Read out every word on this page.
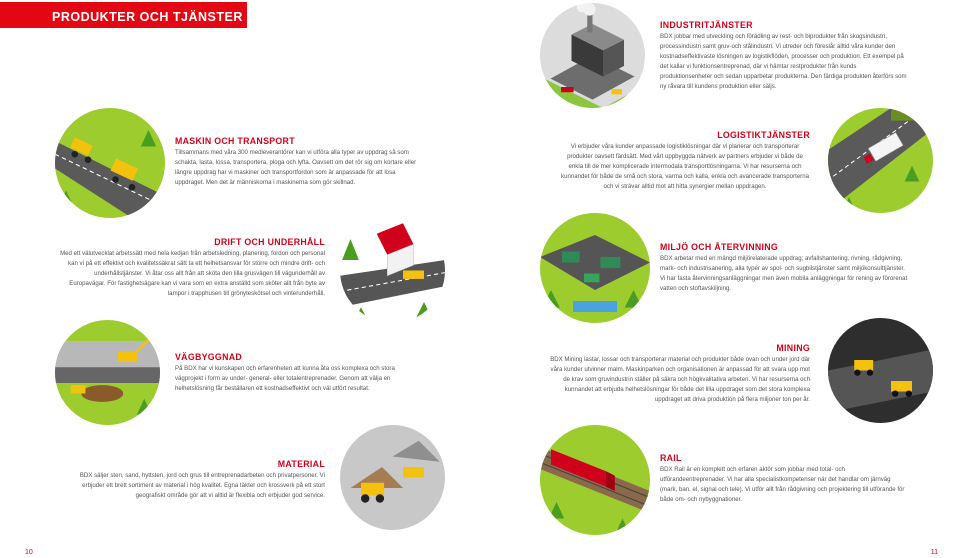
PRODUKTER OCH TJÄNSTER
INDUSTRITJÄNSTER

BDX jobbar med utveckling och förädling av rest- och biprodukter från skogsindustri, processindustri samt gruv-och stålindustri. Vi utreder och föreslår alltid våra kunder den kostnadseffektivaste lösningen av logistikflöden, processer och produktion. Ett exempel på det kallar vi funktionsentreprenad, där vi hämtar restprodukter från kunds produktionsenheter och sedan upparbetar produkterna. Den färdiga produkten återförs som ny råvara till kundens produktion eller säljs.

MASKIN OCH TRANSPORT

Tillsammans med våra 300 medleverantörer kan vi utföra alla typer av uppdrag så som schakta, lasta, lossa, transportera, ploga och lyfta. Oavsett om det rör sig om kortare eller längre uppdrag har vi maskiner och transportfordon som är anpassade för att lösa uppdraget. Men det är människorna i maskinerna som gör skillnad.

LOGISTIKTJÄNSTER

Vi erbjuder våra kunder anpassade logistiklösningar där vi planerar och transporterar produkter oavsett färdsätt. Med vårt uppbyggda nätverk av partners erbjuder vi både de enkla till de mer komplicerade intermodala transportlösningarna. Vi har resurserna och kunnandet för både de små och stora, varma och kalla, enkla och avancerade transporterna och vi strävar alltid mot att hitta synergier mellan uppdragen.

DRIFT OCH UNDERHÅLL

Med ett välutvecklat arbetssätt med hela kedjan från arbetsledning, planering, fordon och personal kan vi på ett effektivt och kvalitetssäkrat sätt ta ett helhetsansvar för större och mindre drift- och underhållstjänster. Vi åtar oss allt från att sköta den lilla grusvägen till vägunderhåll av Europavägar. För fastighetsägare kan vi vara som en extra anställd som sköter allt från byte av lampor i trapphusen till grönyteskötsel och vinterunderhåll.

MILJÖ OCH ÅTERVINNING

BDX arbetar med en mängd miljörelaterade uppdrag; avfallshantering, rivning, rådgivning, mark- och industrisanering, alla typer av spol- och sugbilstjänster samt miljökonsulttjänster. Vi har fasta återvinningsanläggningar men även mobila anläggningar för rening av förorenat vatten och stoftavskiljning.

VÄGBYGGNAD

På BDX har vi kunskapen och erfarenheten att kunna åta oss komplexa och stora vägprojekt i form av under- general- eller totalentreprenader. Genom att välja en helhetslösning får beställaren ett kostnadseffektivt och väl utfört resultat.

MINING

BDX Mining lastar, lossar och transporterar material och produkter både ovan och under jord där våra kunder utvinner malm. Maskinparken och organisationen är anpassad för att svara upp mot de krav som gruvindustrin ställer på säkra och högkvalitativa arbeten. Vi har resurserna och kunnandet att erbjuda helhetslösningar för både det lilla uppdraget som det stora komplexa uppdraget att driva produktion på flera miljoner ton per år.

MATERIAL

BDX säljer sten, sand, hyttsten, jord och grus till entreprenadarbeten och privatpersoner. Vi erbjuder ett brett sortiment av material i hög kvalitet. Egna täkter och krossverk på ett stort geografiskt område gör att vi alltid är flexibla och erbjuder god service.

RAIL

BDX Rail är en komplett och erfaren aktör som jobbar med total- och utförandeentreprenader. Vi har alla specialistkompetenser när det handlar om järnväg (mark, ban, el, signal och tele). Vi utför allt från rådgivning och projektering till utförande för både om- och nybyggnationer.

10	11
